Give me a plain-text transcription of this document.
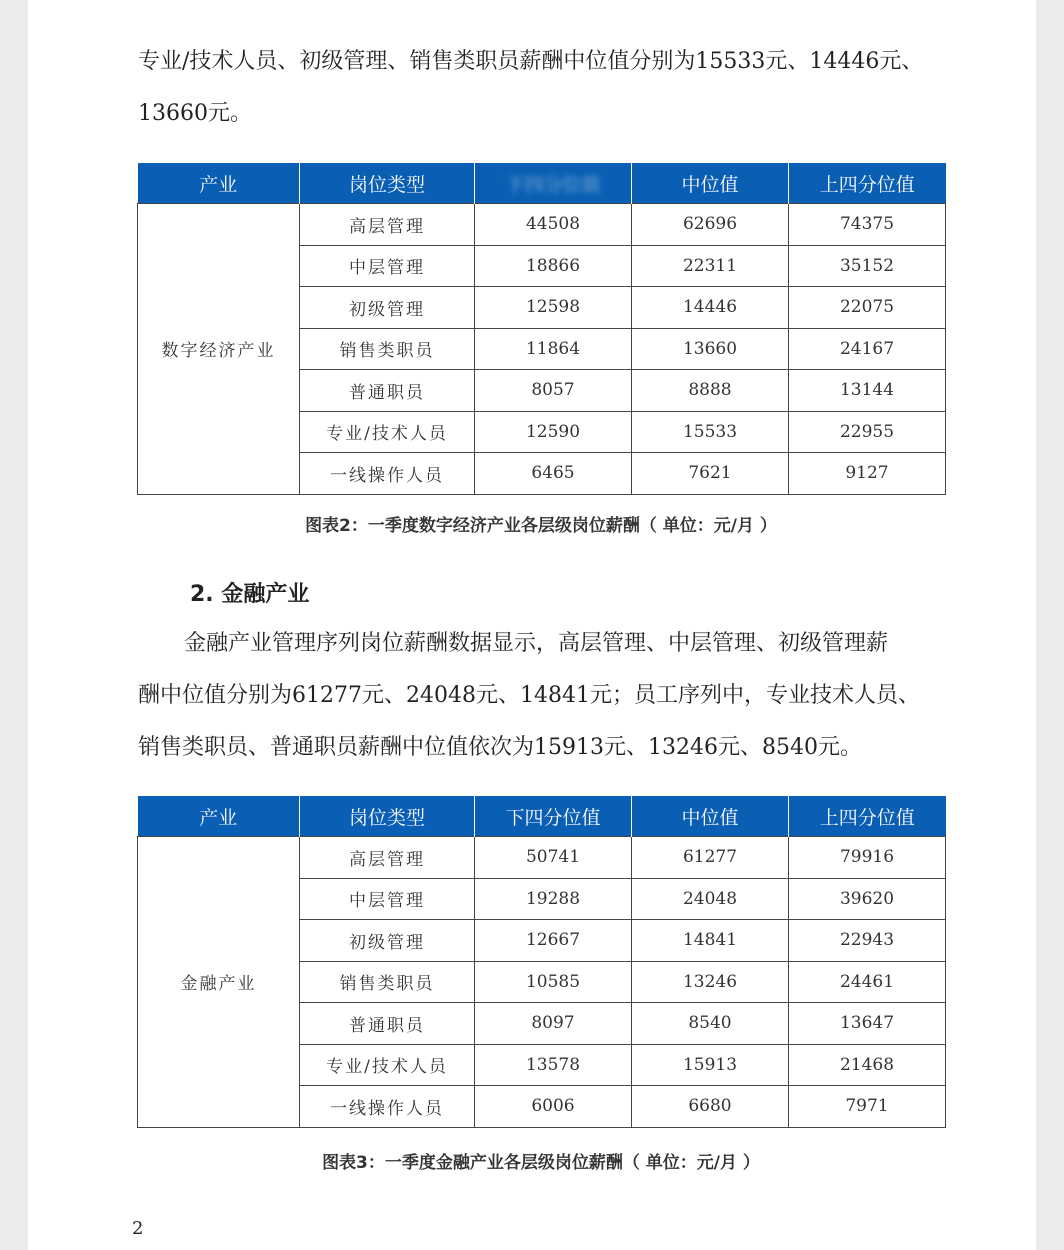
专业/技术人员、初级管理、销售类职员薪酬中位值分别为15533元、14446元、
13660元。
产业	岗位类型	下四分位值	中位值	上四分位值
数字经济产业	高层管理	44508	62696	74375
	中层管理	18866	22311	35152
	初级管理	12598	14446	22075
	销售类职员	11864	13660	24167
	普通职员	8057	8888	13144
	专业/技术人员	12590	15533	22955
	一线操作人员	6465	7621	9127

图表2：一季度数字经济产业各层级岗位薪酬（ 单位：元/月 ）

2. 金融产业

金融产业管理序列岗位薪酬数据显示，高层管理、中层管理、初级管理薪
酬中位值分别为61277元、24048元、14841元；员工序列中，专业技术人员、
销售类职员、普通职员薪酬中位值依次为15913元、13246元、8540元。
产业	岗位类型	下四分位值	中位值	上四分位值
金融产业	高层管理	50741	61277	79916
	中层管理	19288	24048	39620
	初级管理	12667	14841	22943
	销售类职员	10585	13246	24461
	普通职员	8097	8540	13647
	专业/技术人员	13578	15913	21468
	一线操作人员	6006	6680	7971

图表3：一季度金融产业各层级岗位薪酬（ 单位：元/月 ）

2
